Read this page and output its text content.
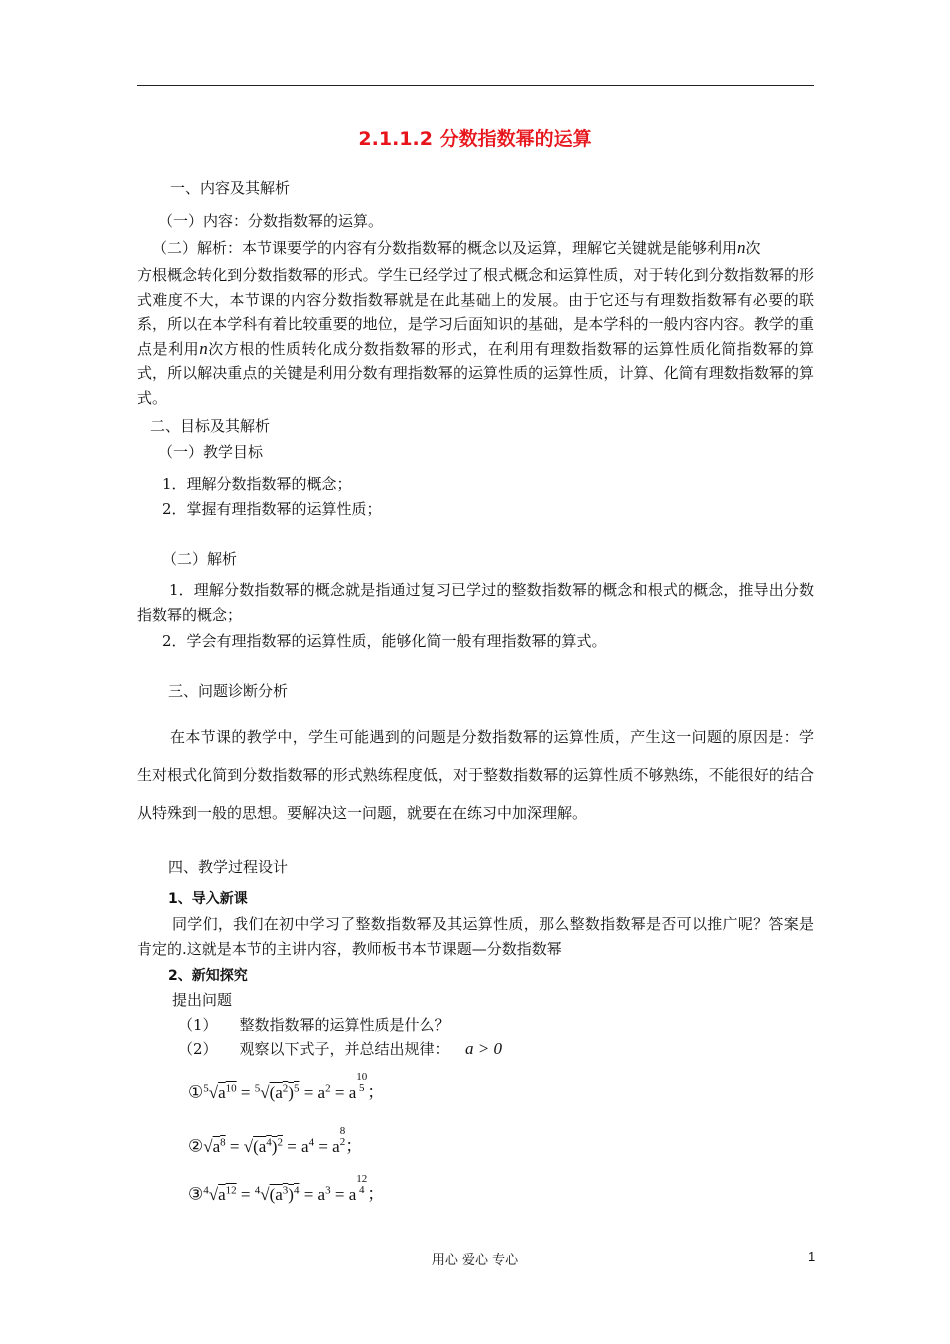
2.1.1.2 分数指数幂的运算
一、内容及其解析
（一）内容：分数指数幂的运算。
（二）解析：本节课要学的内容有分数指数幂的概念以及运算，理解它关键就是能够利用n次
方根概念转化到分数指数幂的形式。学生已经学过了根式概念和运算性质，对于转化到分数指数幂的形式难度不大，本节课的内容分数指数幂就是在此基础上的发展。由于它还与有理数指数幂有必要的联系，所以在本学科有着比较重要的地位，是学习后面知识的基础，是本学科的一般内容内容。教学的重点是利用n次方根的性质转化成分数指数幂的形式，在利用有理数指数幂的运算性质化简指数幂的算式，所以解决重点的关键是利用分数有理指数幂的运算性质的运算性质，计算、化简有理数指数幂的算式。
二、目标及其解析
（一）教学目标
1．理解分数指数幂的概念；
2．掌握有理指数幂的运算性质；
（二）解析
1．理解分数指数幂的概念就是指通过复习已学过的整数指数幂的概念和根式的概念，推导出分数指数幂的概念；
2．学会有理指数幂的运算性质，能够化简一般有理指数幂的算式。
三、问题诊断分析
在本节课的教学中，学生可能遇到的问题是分数指数幂的运算性质，产生这一问题的原因是：学生对根式化简到分数指数幂的形式熟练程度低，对于整数指数幂的运算性质不够熟练，不能很好的结合从特殊到一般的思想。要解决这一问题，就要在在练习中加深理解。
四、教学过程设计
1、导入新课
同学们，我们在初中学习了整数指数幂及其运算性质，那么整数指数幂是否可以推广呢？答案是肯定的.这就是本节的主讲内容，教师板书本节课题—分数指数幂
2、新知探究
提出问题
（1） 整数指数幂的运算性质是什么？
（2） 观察以下式子，并总结出规律： a > 0
$①^5√a^{10} = ^5√(a^2)^5 = a^2 = a$
10
5 ；
$②√a^8 = √(a^4)^2 = a^4 = a$
8
2 ；
$③^4√a^{12} = ^4√(a^3)^4 = a^3 = a$
12
4 ；
用心 爱心 专心	1
